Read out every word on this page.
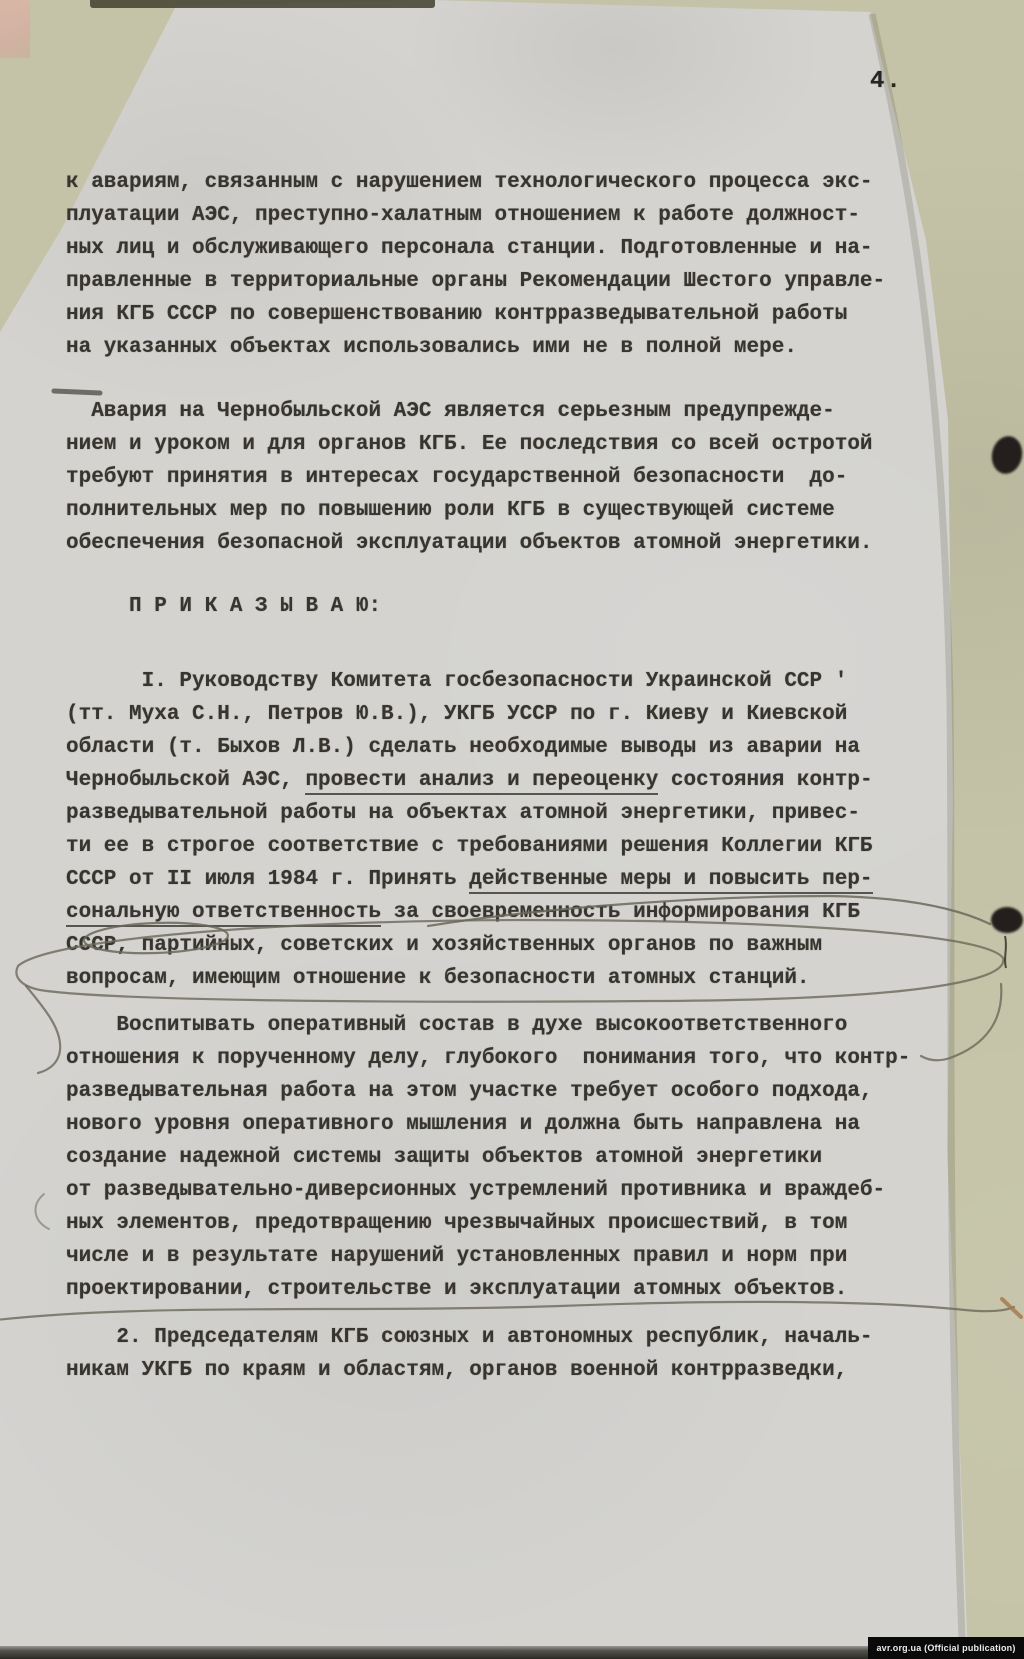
4.
к авариям, связанным с нарушением технологического процесса экс-
плуатации АЭС, преступно-халатным отношением к работе должност-
ных лиц и обслуживающего персонала станции. Подготовленные и на-
правленные в территориальные органы Рекомендации Шестого управле-
ния КГБ СССР по совершенствованию контрразведывательной работы
на указанных объектах использовались ими не в полной мере.
Авария на Чернобыльской АЭС является серьезным предупрежде-
нием и уроком и для органов КГБ. Ее последствия со всей остротой
требуют принятия в интересах государственной безопасности  до-
полнительных мер по повышению роли КГБ в существующей системе
обеспечения безопасной эксплуатации объектов атомной энергетики.
П Р И К А З Ы В А Ю:
I. Руководству Комитета госбезопасности Украинской ССР '
(тт. Муха С.Н., Петров Ю.В.), УКГБ УССР по г. Киеву и Киевской
области (т. Быхов Л.В.) сделать необходимые выводы из аварии на
Чернобыльской АЭС, провести анализ и переоценку состояния контр-
разведывательной работы на объектах атомной энергетики, привес-
ти ее в строгое соответствие с требованиями решения Коллегии КГБ
СССР от II июля 1984 г. Принять действенные меры и повысить пер-
сональную ответственность за своевременность информирования КГБ
СССР, партийных, советских и хозяйственных органов по важным
вопросам, имеющим отношение к безопасности атомных станций.
Воспитывать оперативный состав в духе высокоответственного
отношения к порученному делу, глубокого  понимания того, что контр-
разведывательная работа на этом участке требует особого подхода,
нового уровня оперативного мышления и должна быть направлена на
создание надежной системы защиты объектов атомной энергетики
от разведывательно-диверсионных устремлений противника и враждеб-
ных элементов, предотвращению чрезвычайных происшествий, в том
числе и в результате нарушений установленных правил и норм при
проектировании, строительстве и эксплуатации атомных объектов.
2. Председателям КГБ союзных и автономных республик, началь-
никам УКГБ по краям и областям, органов военной контрразведки,
avr.org.ua (Official publication)
